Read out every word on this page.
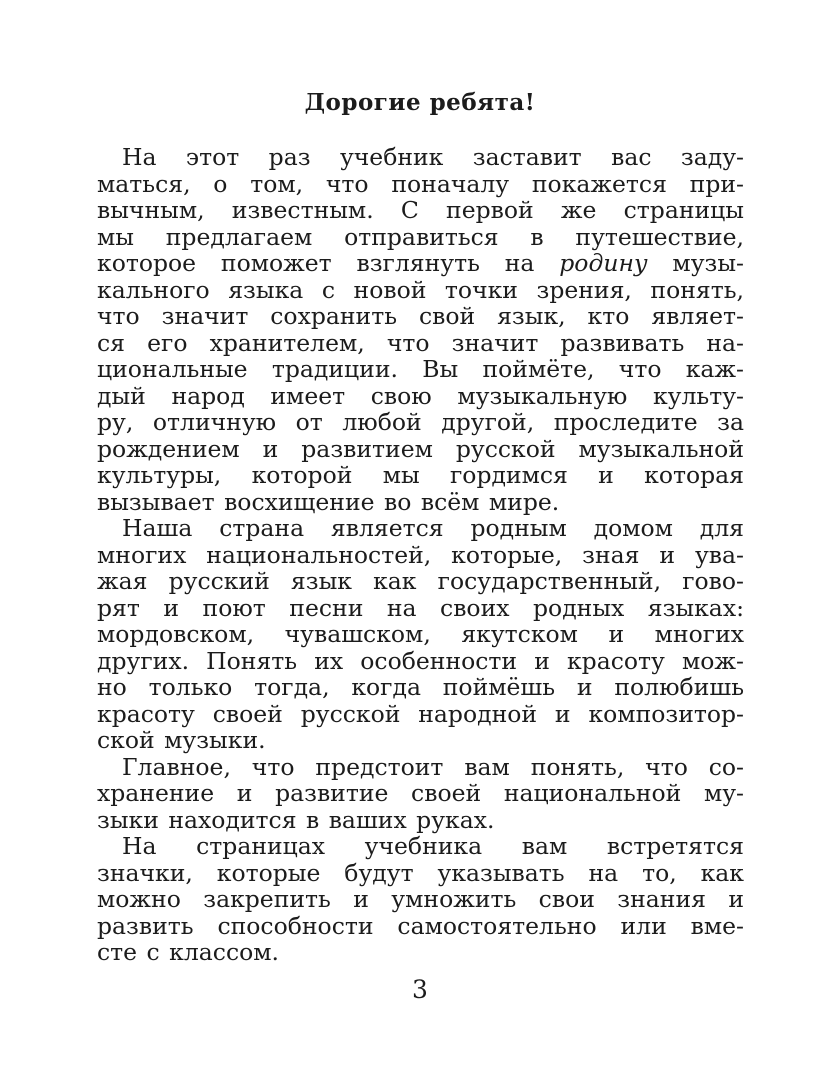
Дорогие ребята!
На этот раз учебник заставит вас заду-
маться, о том, что поначалу покажется при-
вычным, известным. С первой же страницы
мы предлагаем отправиться в путешествие,
которое поможет взглянуть на родину музы-
кального языка с новой точки зрения, понять,
что значит сохранить свой язык, кто являет-
ся его хранителем, что значит развивать на-
циональные традиции. Вы поймёте, что каж-
дый народ имеет свою музыкальную культу-
ру, отличную от любой другой, проследите за
рождением и развитием русской музыкальной
культуры, которой мы гордимся и которая
вызывает восхищение во всём мире.
Наша страна является родным домом для
многих национальностей, которые, зная и ува-
жая русский язык как государственный, гово-
рят и поют песни на своих родных языках:
мордовском, чувашском, якутском и многих
других. Понять их особенности и красоту мож-
но только тогда, когда поймёшь и полюбишь
красоту своей русской народной и композитор-
ской музыки.
Главное, что предстоит вам понять, что со-
хранение и развитие своей национальной му-
зыки находится в ваших руках.
На страницах учебника вам встретятся
значки, которые будут указывать на то, как
можно закрепить и умножить свои знания и
развить способности самостоятельно или вме-
сте с классом.
3
